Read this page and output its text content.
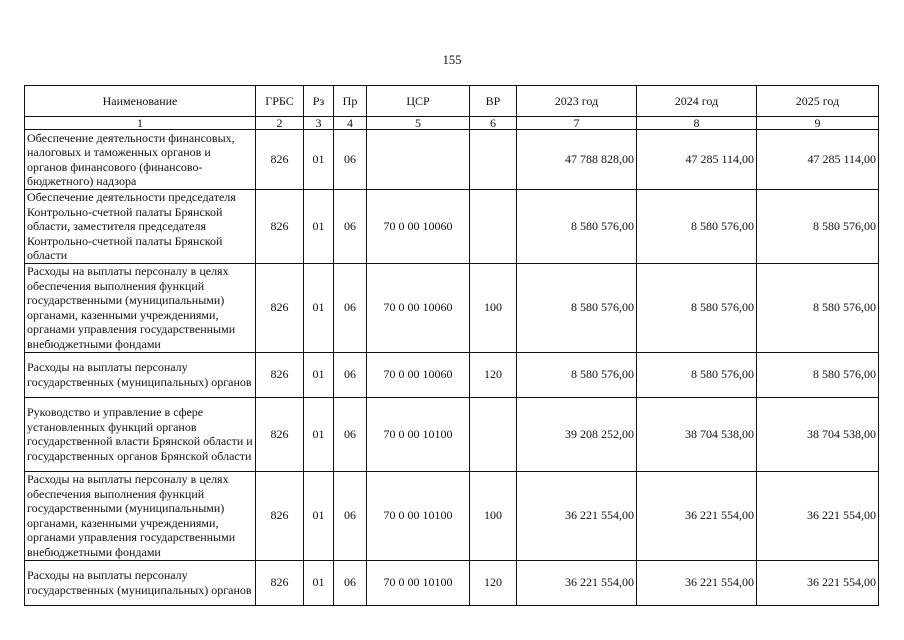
155
Наименование	ГРБС	Рз	Пр	ЦСР	ВР	2023 год	2024 год	2025 год
1	2	3	4	5	6	7	8	9
Обеспечение деятельности финансовых, налоговых и таможенных органов и органов финансового (финансово-бюджетного) надзора	826	01	06			47 788 828,00	47 285 114,00	47 285 114,00
Обеспечение деятельности председателя Контрольно-счетной палаты Брянской области, заместителя председателя Контрольно-счетной палаты Брянской области	826	01	06	70 0 00 10060		8 580 576,00	8 580 576,00	8 580 576,00
Расходы на выплаты персоналу в целях обеспечения выполнения функций государственными (муниципальными) органами, казенными учреждениями, органами управления государственными внебюджетными фондами	826	01	06	70 0 00 10060	100	8 580 576,00	8 580 576,00	8 580 576,00
Расходы на выплаты персоналу государственных (муниципальных) органов	826	01	06	70 0 00 10060	120	8 580 576,00	8 580 576,00	8 580 576,00
Руководство и управление в сфере установленных функций органов государственной власти Брянской области и государственных органов Брянской области	826	01	06	70 0 00 10100		39 208 252,00	38 704 538,00	38 704 538,00
Расходы на выплаты персоналу в целях обеспечения выполнения функций государственными (муниципальными) органами, казенными учреждениями, органами управления государственными внебюджетными фондами	826	01	06	70 0 00 10100	100	36 221 554,00	36 221 554,00	36 221 554,00
Расходы на выплаты персоналу государственных (муниципальных) органов	826	01	06	70 0 00 10100	120	36 221 554,00	36 221 554,00	36 221 554,00
